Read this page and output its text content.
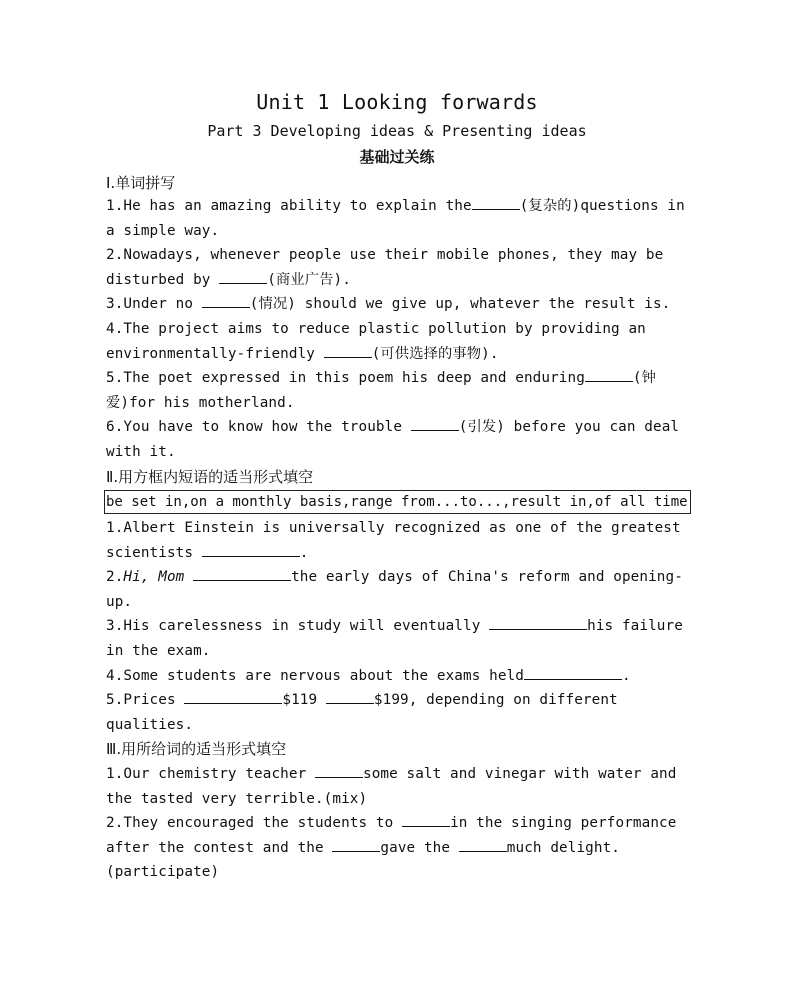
Unit 1 Looking forwards
Part 3 Developing ideas & Presenting ideas
基础过关练
Ⅰ.单词拼写
1.He has an amazing ability to explain the	(复杂的)questions in a simple way.
2.Nowadays, whenever people use their mobile phones, they may be disturbed by	(商业广告).
3.Under no	(情况) should we give up, whatever the result is.
4.The project aims to reduce plastic pollution by providing an environmentally-friendly	(可供选择的事物).
5.The poet expressed in this poem his deep and enduring	(钟爱)for his motherland.
6.You have to know how the trouble	(引发) before you can deal with it.
Ⅱ.用方框内短语的适当形式填空
be set in,on a monthly basis,range from...to...,result in,of all time
1.Albert Einstein is universally recognized as one of the greatest scientists	.
2.Hi, Mom	the early days of China's reform and opening-up.
3.His carelessness in study will eventually	his failure in the exam.
4.Some students are nervous about the exams held	.
5.Prices	$119	$199, depending on different qualities.
Ⅲ.用所给词的适当形式填空
1.Our chemistry teacher	some salt and vinegar with water and the tasted very terrible.(mix)
2.They encouraged the students to	in the singing performance after the contest and the	gave the	much delight.(participate)
